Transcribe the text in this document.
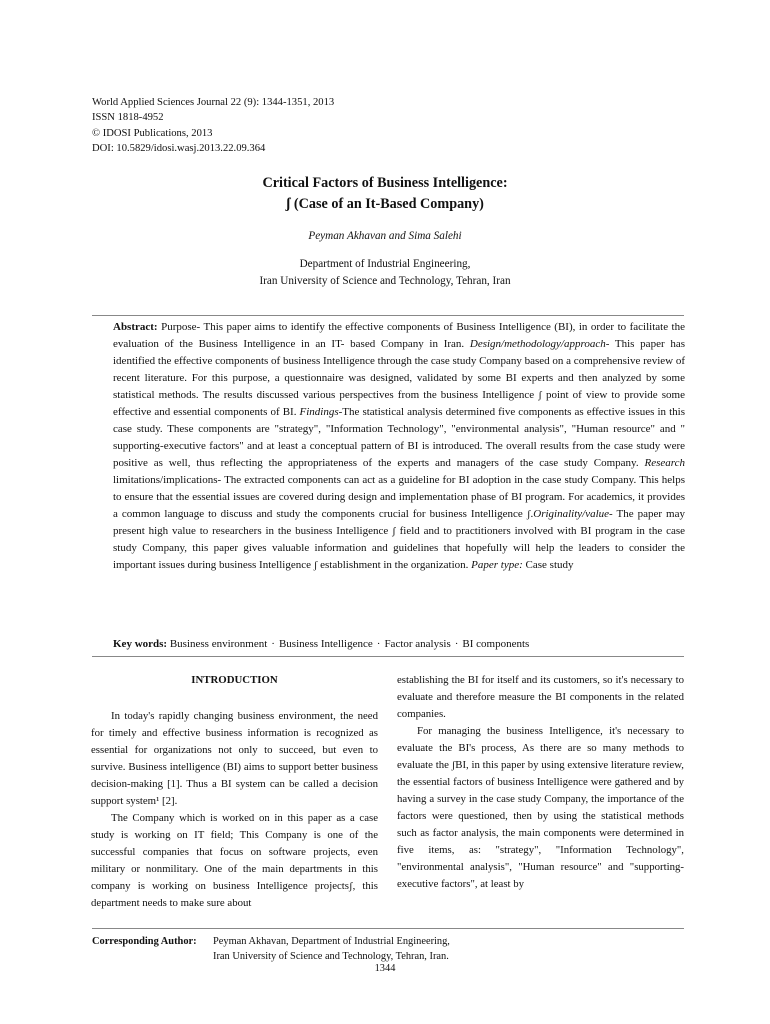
World Applied Sciences Journal 22 (9): 1344-1351, 2013
ISSN 1818-4952
© IDOSI Publications, 2013
DOI: 10.5829/idosi.wasj.2013.22.09.364
Critical Factors of Business Intelligence:
ʃ (Case of an It-Based Company)
Peyman Akhavan and Sima Salehi
Department of Industrial Engineering,
Iran University of Science and Technology, Tehran, Iran
Abstract: Purpose- This paper aims to identify the effective components of Business Intelligence (BI), in order to facilitate the evaluation of the Business Intelligence in an IT- based Company in Iran. Design/methodology/approach- This paper has identified the effective components of business Intelligence through the case study Company based on a comprehensive review of recent literature. For this purpose, a questionnaire was designed, validated by some BI experts and then analyzed by some statistical methods. The results discussed various perspectives from the business Intelligence ʃ point of view to provide some effective and essential components of BI. Findings-The statistical analysis determined five components as effective issues in this case study. These components are "strategy", "Information Technology", "environmental analysis", "Human resource" and " supporting-executive factors" and at least a conceptual pattern of BI is introduced. The overall results from the case study were positive as well, thus reflecting the appropriateness of the experts and managers of the case study Company. Research limitations/implications- The extracted components can act as a guideline for BI adoption in the case study Company. This helps to ensure that the essential issues are covered during design and implementation phase of BI program. For academics, it provides a common language to discuss and study the components crucial for business Intelligence ʃ.Originality/value- The paper may present high value to researchers in the business Intelligence ʃ field and to practitioners involved with BI program in the case study Company, this paper gives valuable information and guidelines that hopefully will help the leaders to consider the important issues during business Intelligence ʃ establishment in the organization. Paper type: Case study
Key words: Business environment · Business Intelligence · Factor analysis · BI components

INTRODUCTION

In today's rapidly changing business environment, the need for timely and effective business information is recognized as essential for organizations not only to succeed, but even to survive. Business intelligence (BI) aims to support better business decision-making [1]. Thus a BI system can be called a decision support system¹ [2].

The Company which is worked on in this paper as a case study is working on IT field; This Company is one of the successful companies that focus on software projects, even military or nonmilitary. One of the main departments in this company is working on business Intelligence projectsʃ, this department needs to make sure about

establishing the BI for itself and its customers, so it's necessary to evaluate and therefore measure the BI components in the related companies.

For managing the business Intelligence, it's necessary to evaluate the BI's process, As there are so many methods to evaluate the ʃBI, in this paper by using extensive literature review, the essential factors of business Intelligence were gathered and by having a survey in the case study Company, the importance of the factors were questioned, then by using the statistical methods such as factor analysis, the main components were determined in five items, as: "strategy", "Information Technology", "environmental analysis", "Human resource" and "supporting- executive factors", at least by

Corresponding Author: Peyman Akhavan, Department of Industrial Engineering,
Iran University of Science and Technology, Tehran, Iran.
1344
